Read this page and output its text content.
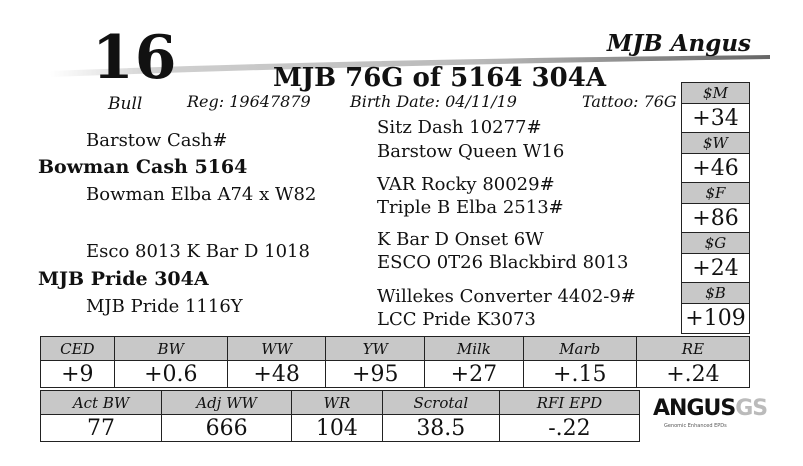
16
Bull
MJB Angus
MJB 76G of 5164 304A
Reg: 19647879 Birth Date: 04/11/19	Tattoo: 76G
Barstow Cash#
Bowman Cash 5164
Bowman Elba A74 x W82
Esco 8013 K Bar D 1018
MJB Pride 304A
MJB Pride 1116Y
Sitz Dash 10277#
Barstow Queen W16
VAR Rocky 80029#
Triple B Elba 2513#
K Bar D Onset 6W
ESCO 0T26 Blackbird 8013
Willekes Converter 4402-9#
LCC Pride K3073
$M
+34
$W
+46
$F
+86
$G
+24
$B
+109
CED	BW	WW	YW	Milk	Marb	RE
+9	+0.6	+48	+95	+27	+.15	+.24
Act BW	Adj WW	WR	Scrotal	RFI EPD
77	666	104	38.5	-.22
ANGUSGS
Genomic Enhanced EPDs
